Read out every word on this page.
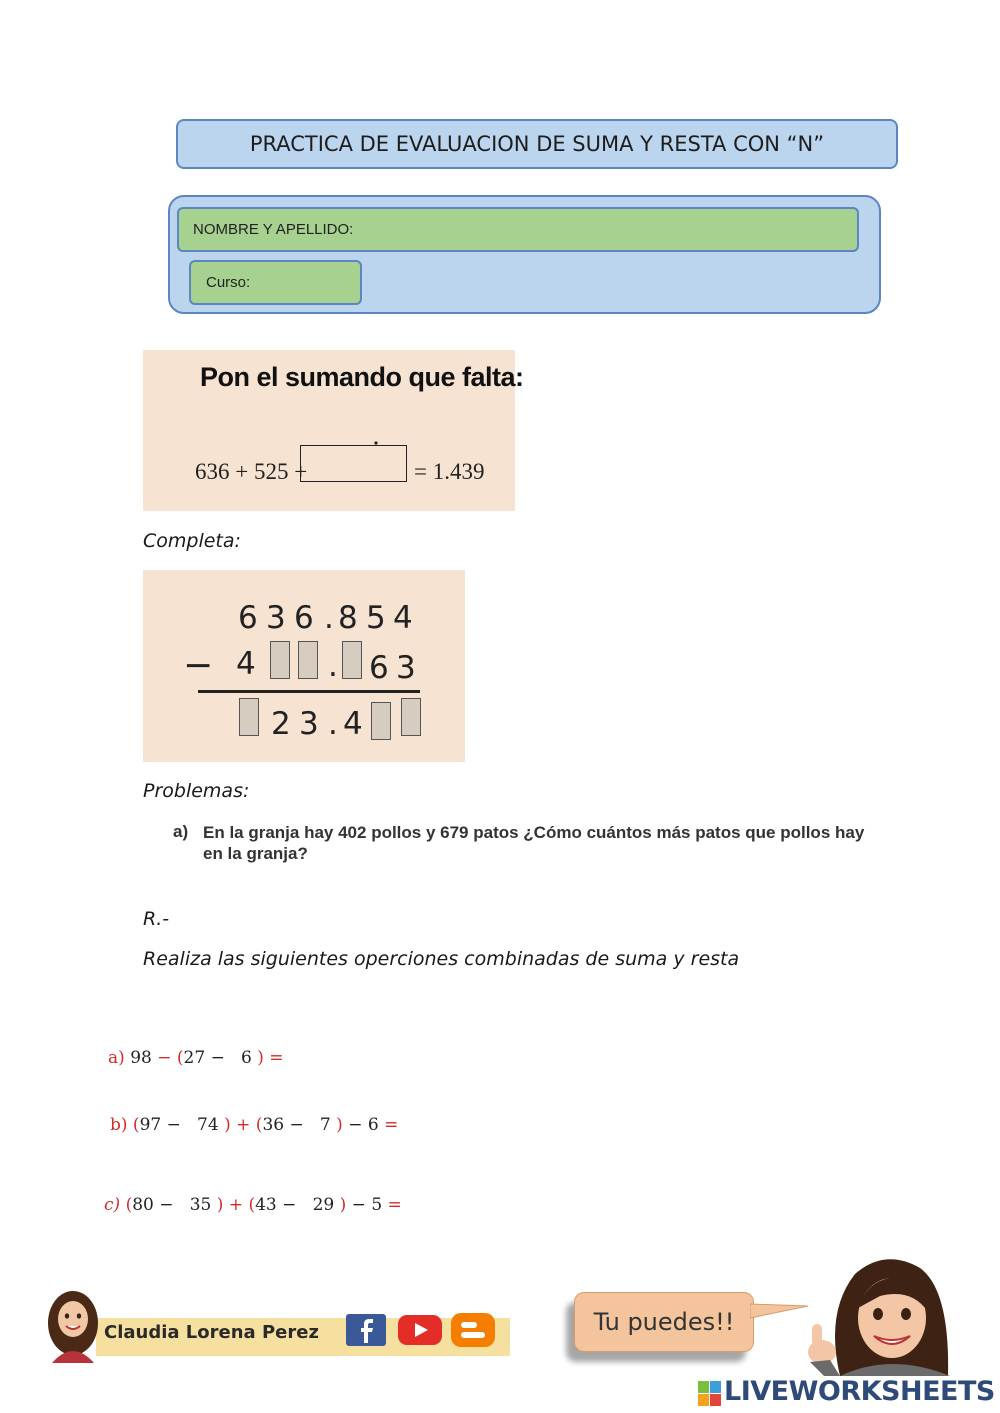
PRACTICA DE EVALUACION DE SUMA Y RESTA CON “N”
NOMBRE Y APELLIDO:
Curso:
Pon el sumando que falta:
636 + 525 +	= 1.439
Completa:
6 3 6 . 8 5 4
− 4 . 6 3
2 3 . 4
Problemas:
a) En la granja hay 402 pollos y 679 patos ¿Cómo cuántos más patos que pollos hay en la granja?
R.-
Realiza las siguientes operciones combinadas de suma y resta
a) 98 − (27 −   6 ) =
b) (97 −   74 ) + (36 −   7 ) − 6 =
c) (80 −   35 ) + (43 −   29 ) − 5 =
Claudia Lorena Perez	Tu puedes!!
LIVEWORKSHEETS
